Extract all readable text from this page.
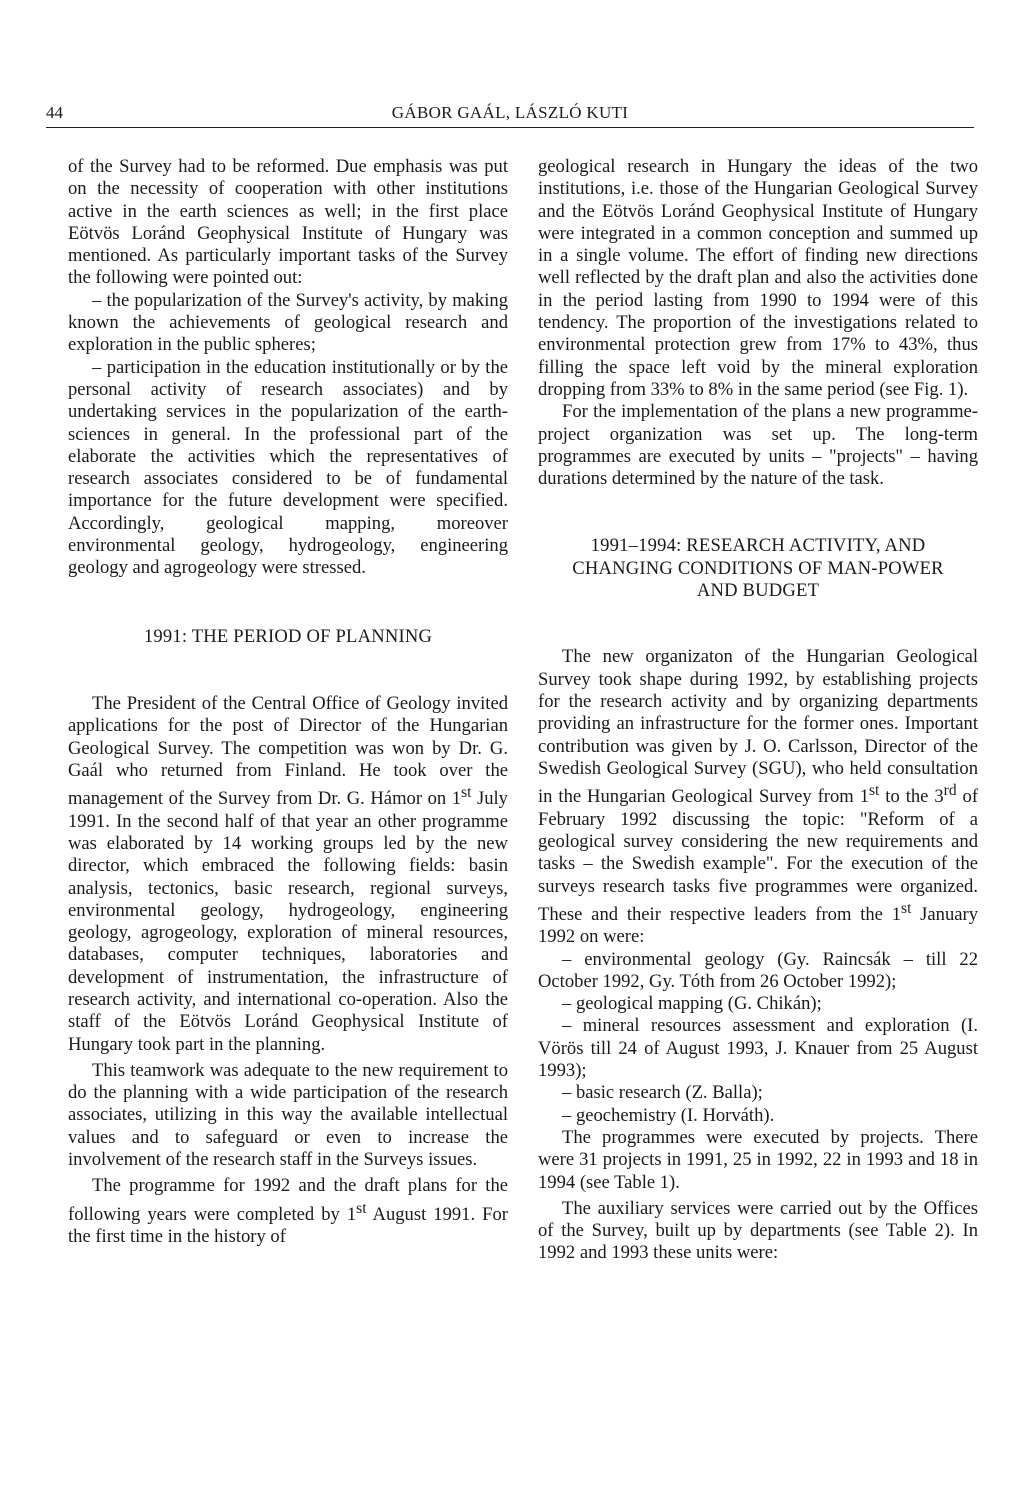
44	GÁBOR GAÁL, LÁSZLÓ KUTI

of the Survey had to be reformed. Due emphasis was put on the necessity of cooperation with other institutions active in the earth sciences as well; in the first place Eötvös Loránd Geophysical Institute of Hungary was mentioned. As particularly important tasks of the Survey the following were pointed out:

– the popularization of the Survey's activity, by making known the achievements of geological research and exploration in the public spheres;

– participation in the education institutionally or by the personal activity of research associates) and by undertaking services in the popularization of the earth-sciences in general. In the professional part of the elaborate the activities which the representatives of research associates considered to be of fundamental importance for the future development were specified. Accordingly, geological mapping, moreover environmental geology, hydrogeology, engineering geology and agrogeology were stressed.

1991: THE PERIOD OF PLANNING

The President of the Central Office of Geology invited applications for the post of Director of the Hungarian Geological Survey. The competition was won by Dr. G. Gaál who returned from Finland. He took over the management of the Survey from Dr. G. Hámor on 1st July 1991. In the second half of that year an other programme was elaborated by 14 working groups led by the new director, which embraced the following fields: basin analysis, tectonics, basic research, regional surveys, environmental geology, hydrogeology, engineering geology, agrogeology, exploration of mineral resources, databases, computer techniques, laboratories and development of instrumentation, the infrastructure of research activity, and international co-operation. Also the staff of the Eötvös Loránd Geophysical Institute of Hungary took part in the planning.

This teamwork was adequate to the new requirement to do the planning with a wide participation of the research associates, utilizing in this way the available intellectual values and to safeguard or even to increase the involvement of the research staff in the Surveys issues.

The programme for 1992 and the draft plans for the following years were completed by 1st August 1991. For the first time in the history of

geological research in Hungary the ideas of the two institutions, i.e. those of the Hungarian Geological Survey and the Eötvös Loránd Geophysical Institute of Hungary were integrated in a common conception and summed up in a single volume. The effort of finding new directions well reflected by the draft plan and also the activities done in the period lasting from 1990 to 1994 were of this tendency. The proportion of the investigations related to environmental protection grew from 17% to 43%, thus filling the space left void by the mineral exploration dropping from 33% to 8% in the same period (see Fig. 1).

For the implementation of the plans a new programme-project organization was set up. The long-term programmes are executed by units – "projects" – having durations determined by the nature of the task.

1991–1994: RESEARCH ACTIVITY, AND
CHANGING CONDITIONS OF MAN-POWER
AND BUDGET

The new organizaton of the Hungarian Geological Survey took shape during 1992, by establishing projects for the research activity and by organizing departments providing an infrastructure for the former ones. Important contribution was given by J. O. Carlsson, Director of the Swedish Geological Survey (SGU), who held consultation in the Hungarian Geological Survey from 1st to the 3rd of February 1992 discussing the topic: "Reform of a geological survey considering the new requirements and tasks – the Swedish example". For the execution of the surveys research tasks five programmes were organized. These and their respective leaders from the 1st January 1992 on were:

– environmental geology (Gy. Raincsák – till 22 October 1992, Gy. Tóth from 26 October 1992);

– geological mapping (G. Chikán);

– mineral resources assessment and exploration (I. Vörös till 24 of August 1993, J. Knauer from 25 August 1993);

– basic research (Z. Balla);

– geochemistry (I. Horváth).

The programmes were executed by projects. There were 31 projects in 1991, 25 in 1992, 22 in 1993 and 18 in 1994 (see Table 1).

The auxiliary services were carried out by the Offices of the Survey, built up by departments (see Table 2). In 1992 and 1993 these units were:
